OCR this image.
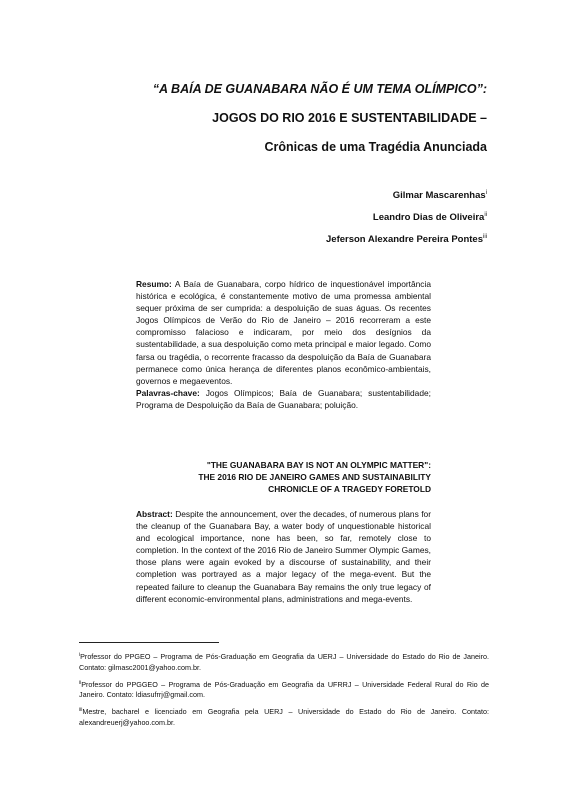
“A BAÍA DE GUANABARA NÃO É UM TEMA OLÍMPICO”:
JOGOS DO RIO 2016 E SUSTENTABILIDADE –
Crônicas de uma Tragédia Anunciada
Gilmar Mascarenhas$^i$
Leandro Dias de Oliveira$^{ii}$
Jeferson Alexandre Pereira Pontes$^{iii}$
Resumo: A Baía de Guanabara, corpo hídrico de inquestionável importância histórica e ecológica, é constantemente motivo de uma promessa ambiental sequer próxima de ser cumprida: a despoluição de suas águas. Os recentes Jogos Olímpicos de Verão do Rio de Janeiro – 2016 recorreram a este compromisso falacioso e indicaram, por meio dos desígnios da sustentabilidade, a sua despoluição como meta principal e maior legado. Como farsa ou tragédia, o recorrente fracasso da despoluição da Baía de Guanabara permanece como única herança de diferentes planos econômico-ambientais, governos e megaeventos.
Palavras-chave: Jogos Olímpicos; Baía de Guanabara; sustentabilidade; Programa de Despoluição da Baía de Guanabara; poluição.
"THE GUANABARA BAY IS NOT AN OLYMPIC MATTER":
THE 2016 RIO DE JANEIRO GAMES AND SUSTAINABILITY
CHRONICLE OF A TRAGEDY FORETOLD
Abstract: Despite the announcement, over the decades, of numerous plans for the cleanup of the Guanabara Bay, a water body of unquestionable historical and ecological importance, none has been, so far, remotely close to completion. In the context of the 2016 Rio de Janeiro Summer Olympic Games, those plans were again evoked by a discourse of sustainability, and their completion was portrayed as a major legacy of the mega-event. But the repeated failure to cleanup the Guanabara Bay remains the only true legacy of different economic-environmental plans, administrations and mega-events.

$^i$Professor do PPGEO – Programa de Pós-Graduação em Geografia da UERJ – Universidade do Estado do Rio de Janeiro. Contato: gilmasc2001@yahoo.com.br.

$^{ii}$Professor do PPGGEO – Programa de Pós-Graduação em Geografia da UFRRJ – Universidade Federal Rural do Rio de Janeiro. Contato: ldiasufrrj@gmail.com.

$^{iii}$Mestre, bacharel e licenciado em Geografia pela UERJ – Universidade do Estado do Rio de Janeiro. Contato: alexandreuerj@yahoo.com.br.
